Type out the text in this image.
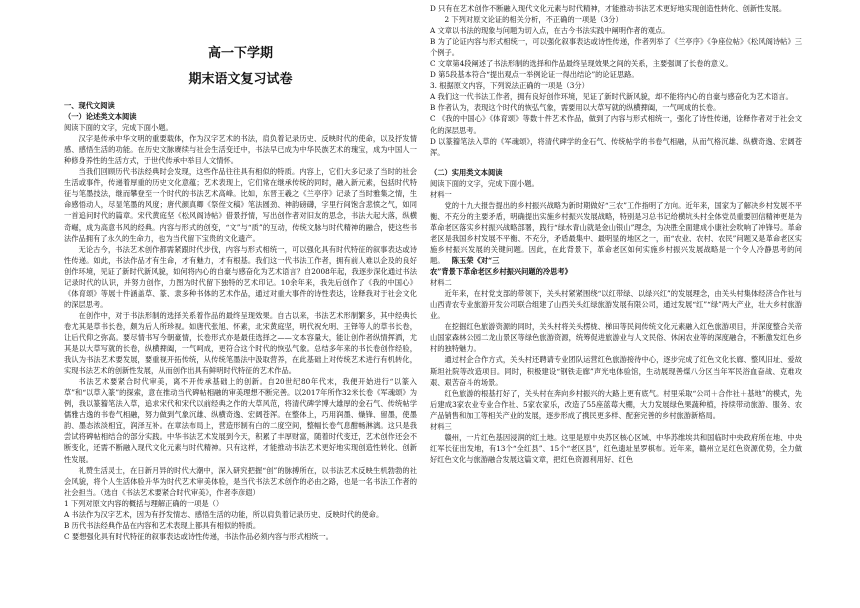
高一下学期

期末语文复习试卷

一、现代文阅读

（一）论述类文本阅读

阅读下面的文字，完成下面小题。

汉字是传承中华文明的重要载体，作为汉字艺术的书法，肩负着记录历史、反映时代的使命，以及抒发情感、感悟生活的功能。在历史文脉赓续与社会生活变迁中，书法早已成为中华民族艺术的瑰宝，成为中国人一种修身养性的生活方式，于世代传承中举目人文情怀。

当我们回顾历代书法经典时会发现，这些作品往往具有相似的特质。内容上，它们大多记录了当时的社会生活或事件，传递着厚重的历史文化意蕴；艺术表现上，它们常在继承传统的同时，融入新元素，包括时代特征与笔墨技法，继而攀登至一个时代的书法艺术高峰。比如，东晋王羲之《兰亭序》记录了当时雅集之情，生命感悟动人，尽显笔墨的风度；唐代颜真卿《祭侄文稿》笔法圆劲、神韵磅礴，字里行间饱含悲愤之气，如同一首追问时代的篇章。宋代黄庭坚《松风阁诗帖》借景抒情，写出创作者对旧友的思念，书法大起大落，纵横奇崛，成为高意书风的经典。内容与形式的创变，“文”与“质”的互动，传统文脉与时代精神的融合，使这些书法作品拥有了永久的生命力，也为当代留下宝贵的文化遗产。

无论古今，书法艺术创作都需紧跟时代步伐，内容与形式相统一，可以强化具有时代特征的叙事表达或诗性传递。如此，书法作品才有生命，才有魅力，才有根基。我们这一代书法工作者，拥有前人难以企及的良好创作环境，见证了新时代新风貌，如何将内心的自豪与感奋化为艺术语言？自2008年起，我逐步深化通过书法记录时代的认识，并努力创作，力图为时代留下独特的艺术印记。10余年来，我先后创作了《我的中国心》《体育颂》等展十件涵盖草、篆、隶多种书体的艺术作品，通过对重大事件的诗性表达，诠释我对于社会文化的深层思考。

在创作中，对于书法形制的选择关系着作品的最终呈现效果。自古以来，书法艺术形制繁多，其中经典长卷尤其是草书长卷，颇为后人所珍视。如唐代张旭、怀素，北宋黄庭坚，明代祝允明、王铎等人的草书长卷，让后代仰之弥高。要尽情书写今朝豪情，长卷形式亦是最佳选择之——文本容量大，能让创作者纵情挥洒，尤其是以大草写就的长卷，纵横捭阖，一气呵成，更符合这个时代的恢弘气象。总结多年来的书长卷创作经验，我认为书法艺术要发展，要重视开拓传统，从传统笔墨法中汲取营养，在此基础上对传统艺术进行有机转化，实现书法艺术的创新性发展，从而创作出具有鲜明时代特征的艺术作品。

书法艺术要紧合时代审美，离不开传承基础上的创新。自20世纪80年代末，我便开始进行“以篆入草”和“以草入篆”的探索，意在推动当代碑帖相融的审美理想不断完善。以2017年所作32米长卷《军魂颂》为例，我以篆籀笔法入草，追求宋代和宋代以前经典之作的大草风范，将清代碑学博大雄厚的金石气、传统帖学儒雅古逸的书卷气相融，努力做到气象沉雄、纵横奇逸、宏阔苍浑。在整体上，巧用润墨、燥锋、留墨，使墨韵、墨态浓淡相宜，润泽互补。在章法布局上，营造形制有白的二度空间，整幅长卷气息酣畅淋漓。这只是我尝试将碑帖相结合的部分实践。中华书法艺术发展到今天，积累了丰厚财富，随着时代变迁，艺术创作还会不断变化，还需不断融入现代文化元素与时代精神。只有这样，才能推动书法艺术更好地实现创造性转化、创新性发展。

礼赞生活灵士，在日新月异的时代大潮中，深入研究把握“创”的脉搏所在，以书法艺术反映生机勃勃的社会风貌，将个人生活体验升华为时代艺术审美体验，是当代书法艺术创作的必由之路，也是一名书法工作者的社会担当。（选自《书法艺术要紧合时代审美》，作者李彦遐）

1 下列对原文内容的概括与理解正确的一项是（）

A 书法作为汉字艺术，因为有抒发情志、感悟生活的功能，所以肩负着记录历史、反映时代的使命。

B 历代书法经典作品在内容和艺术表现上都具有相似的特质。

C 要想强化具有时代特征的叙事表达或诗性传递，书法作品必须内容与形式相统一。

D 只有在艺术创作不断融入现代文化元素与时代精神，才能推动书法艺术更好地实现创造性转化、创新性发展。

2 下列对原文论证的相关分析，不正确的一项是（3分）

A 文章以书法的现象与问题为切入点，在古今书法实践中阐明作者的观点。

B 为了论证内容与形式相统一，可以强化叙事表达或诗性传递，作者列举了《兰亭序》《争座位帖》《松风阁诗帖》三个例子。

C 文章第4段阐述了书法形制的选择和作品最终呈现效果之间的关系，主要强调了长卷的意义。

D 第5段基本符合“提出观点一举例论证一得出结论”的论证思路。

3. 根据原文内容，下列说法正确的一项是（3分）

A 我们这一代书法工作者，拥有良好创作环境，见证了新时代新风貌，却不能将内心的自豪与感奋化为艺术语言。

B 作者认为，表现这个时代的恢弘气象，需要用以大草写就的纵横捭阖，一气呵成的长卷。

C 《我的中国心》《体育颂》等数十件艺术作品，做到了内容与形式相统一，强化了诗性传递，诠释作者对于社会文化的深层思考。

D 以篆籀笔法入草的《军魂颂》，将清代碑学的金石气、传统帖学的书卷气相融，从而气格沉雄、纵横奇逸、宏阔苍浑。

（二）实用类文本阅读

阅读下面的文字，完成下面小题。

材料一

党的十九大报告提出的乡村振兴战略为新时期做好“三农”工作指明了方向。近年来，国家为了解决乡村发展不平衡、不充分的主要矛盾，明确提出实施乡村振兴发展战略，特别是习总书记给横坑头村全体党员重要回信精神更是为革命老区落实乡村振兴战略部署，践行“绿水青山就是金山银山”理念，为决胜全面建成小康社会吹响了冲锋号。革命老区是我国乡村发展不平衡、不充分，矛盾最集中、最明显的地区之一，而“农业、农村、农民”问题又是革命老区实施乡村振兴发展的关键问题。因此，在此背景下，革命老区如何实施乡村振兴发展战略是一个令人冷静思考的问题。  陈玉荣《对“三

农”背景下革命老区乡村振兴问题的冷思考》

材料二

近年来，在村党支部的带领下，关头村紧紧围绕“以红带绿、以绿兴红”的发展理念，由关头村集体经济合作社与山西青农专业旅游开发公司联合组建了山西关头红绿旅游发展有限公司，通过发展“红”“绿”两大产业，壮大乡村旅游业。

在挖掘红色旅游资源的同时，关头村将关头楞栊、梯田等民间传统文化元素融入红色旅游项目，并深度整合关帝山国家森林公园二龙山景区等绿色旅游资源，统筹促进旅游业与人文民俗、休闲农业等的深度融合，不断激发红色乡村的独特魅力。

通过村企合作方式，关头村还聘请专业团队运营红色旅游接待中心，逐步完成了红色文化长廊、整风旧址、爱故斯坦社院等改造项目。同时，积极建设“钢铁走廊”声光电体验馆，生动展现善煤八分区当年军民浴血奋战、克难攻艰、艰苦奋斗的场景。

红色旅游的根基打好了，关头村在奔向乡村振兴的大路上更有底气。村里采取“公司＋合作社＋基地”的模式，先后建成3家农业专业合作社、5家农家乐，改造了55座蓝莓大棚，大力发展绿色果蔬种植，持续带动旅游、服务、农产品销售和加工等相关产业的发展，逐步形成了携民更多样、配套完善的乡村旅游新格局。

材料三

赣州，一片红色基因浸润的红土地。这里是原中央苏区核心区域、中华苏维埃共和国临时中央政府所在地、中央红军长征出发地，有13个“全红县”、15个“老区县”，红色遗址星罗棋布。近年来，赣州立足红色资源优势，全力做好红色文化与旅游融合发展这篇文章，把红色资源利用好、红色
